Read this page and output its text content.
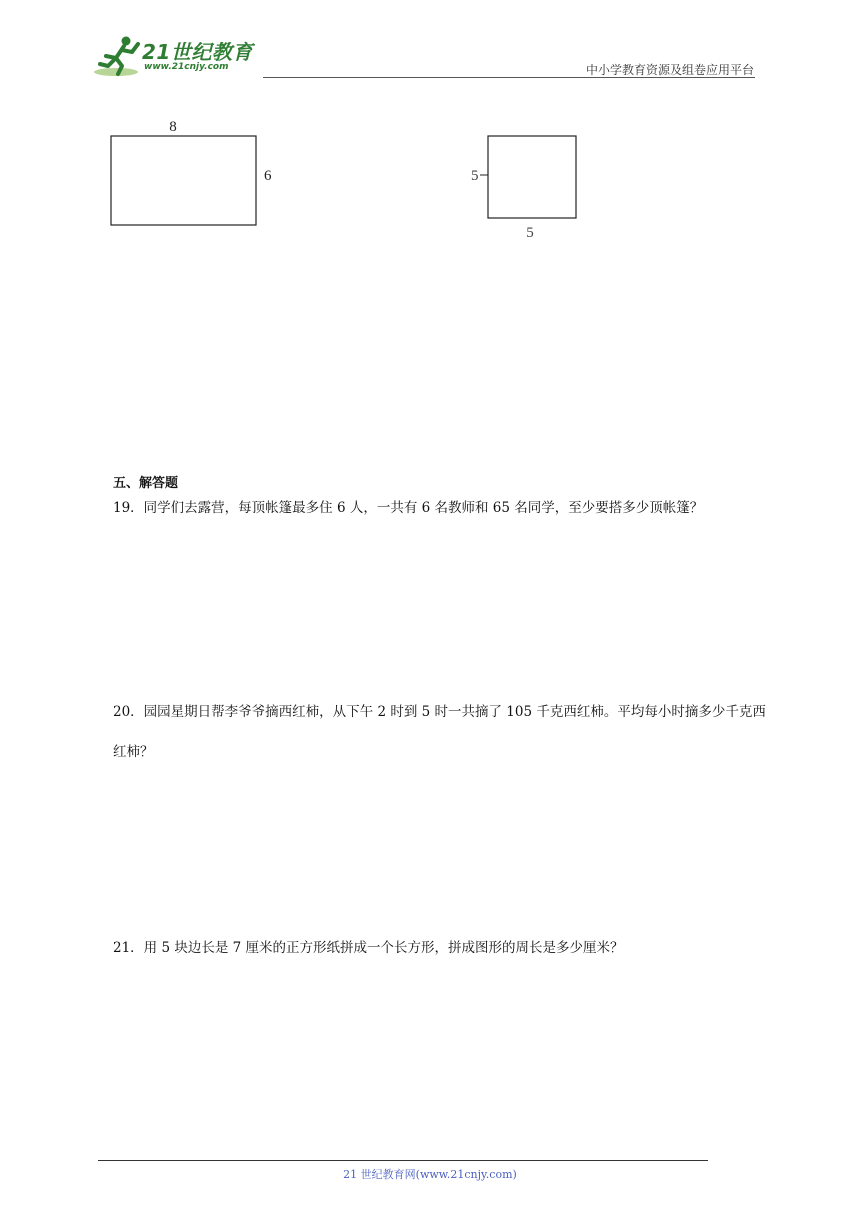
21世纪教育
www.21cnjy.com	中小学教育资源及组卷应用平台
8
6	5
5
五、解答题
19．同学们去露营，每顶帐篷最多住 6 人，一共有 6 名教师和 65 名同学，至少要搭多少顶帐篷？
20．园园星期日帮李爷爷摘西红柿，从下午 2 时到 5 时一共摘了 105 千克西红柿。平均每小时摘多少千克西红柿？
21．用 5 块边长是 7 厘米的正方形纸拼成一个长方形，拼成图形的周长是多少厘米？
21 世纪教育网(www.21cnjy.com)
